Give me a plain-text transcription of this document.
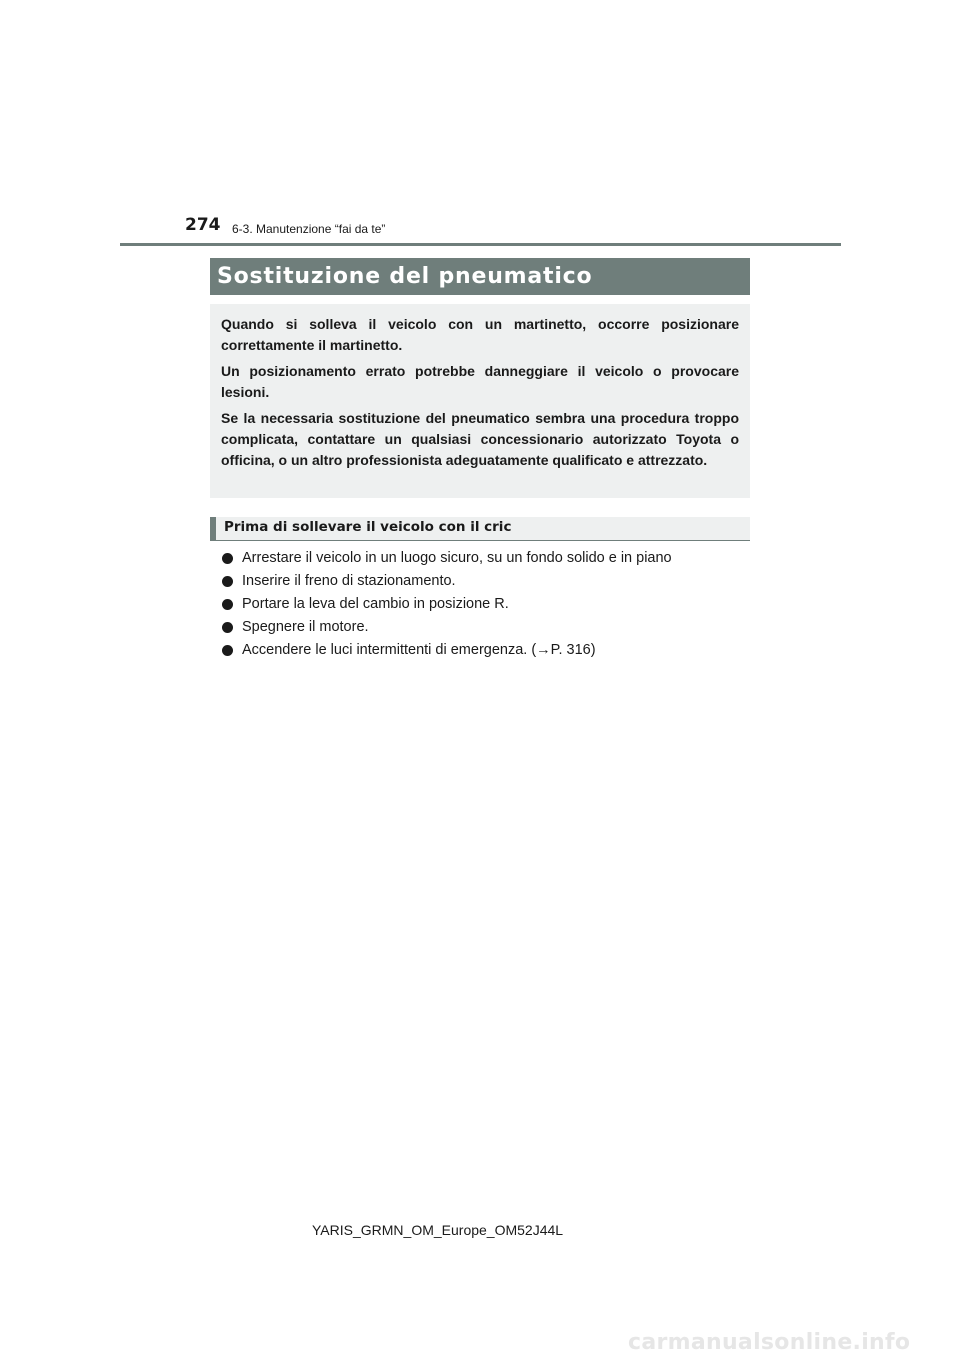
274 6-3. Manutenzione “fai da te”
Sostituzione del pneumatico

Quando si solleva il veicolo con un martinetto, occorre posizionare correttamente il martinetto.

Un posizionamento errato potrebbe danneggiare il veicolo o provocare lesioni.

Se la necessaria sostituzione del pneumatico sembra una procedura troppo complicata, contattare un qualsiasi concessionario autorizzato Toyota o officina, o un altro professionista adeguatamente qualificato e attrezzato.

Prima di sollevare il veicolo con il cric
Arrestare il veicolo in un luogo sicuro, su un fondo solido e in piano
Inserire il freno di stazionamento.
Portare la leva del cambio in posizione R.
Spegnere il motore.
Accendere le luci intermittenti di emergenza. (→P. 316)
YARIS_GRMN_OM_Europe_OM52J44L
carmanualsonline.info
